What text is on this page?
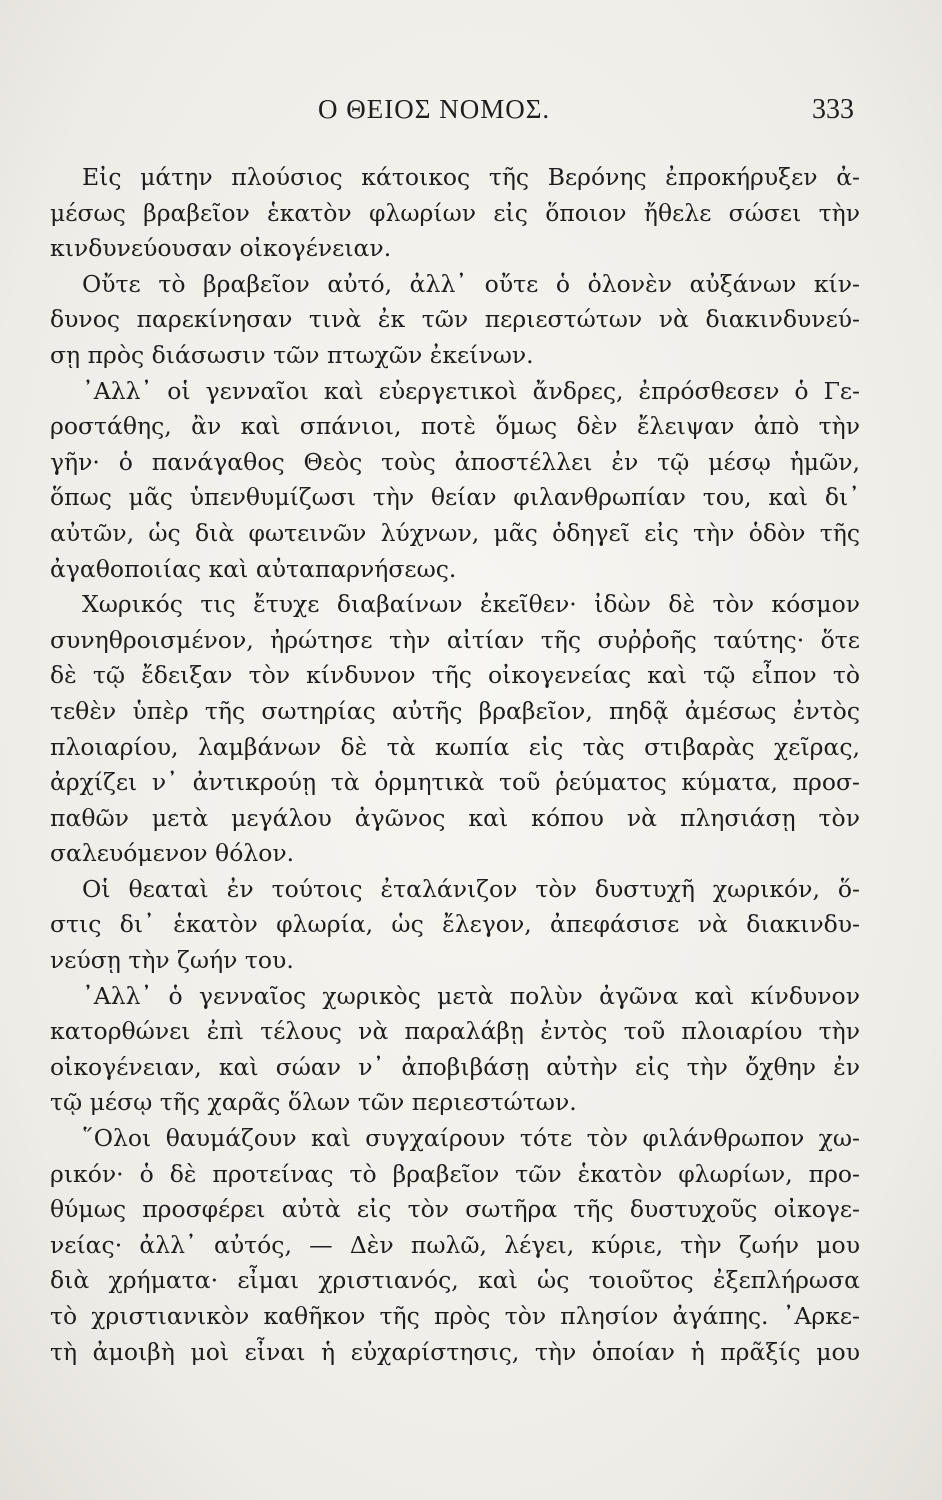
Ο ΘΕΙΟΣ ΝΟΜΟΣ.	333
Εἰς μάτην πλούσιος κάτοικος τῆς Βερόνης ἐπροκήρυξεν ἀ-
μέσως βραβεῖον ἑκατὸν φλωρίων εἰς ὅποιον ἤθελε σώσει τὴν
κινδυνεύουσαν οἰκογένειαν.
Οὔτε τὸ βραβεῖον αὐτό, ἀλλ᾽ οὔτε ὁ ὁλονὲν αὐξάνων κίν-
δυνος παρεκίνησαν τινὰ ἐκ τῶν περιεστώτων νὰ διακινδυνεύ-
σῃ πρὸς διάσωσιν τῶν πτωχῶν ἐκείνων.
᾽Αλλ᾽ οἱ γενναῖοι καὶ εὐεργετικοὶ ἄνδρες, ἐπρόσθεσεν ὁ Γε-
ροστάθης, ἂν καὶ σπάνιοι, ποτὲ ὅμως δὲν ἔλειψαν ἀπὸ τὴν
γῆν· ὁ πανάγαθος Θεὸς τοὺς ἀποστέλλει ἐν τῷ μέσῳ ἡμῶν,
ὅπως μᾶς ὑπενθυμίζωσι τὴν θείαν φιλανθρωπίαν του, καὶ δι᾽
αὐτῶν, ὡς διὰ φωτεινῶν λύχνων, μᾶς ὁδηγεῖ εἰς τὴν ὁδὸν τῆς
ἀγαθοποιίας καὶ αὐταπαρνήσεως.
Χωρικός τις ἔτυχε διαβαίνων ἐκεῖθεν· ἰδὼν δὲ τὸν κόσμον
συνηθροισμένον, ἠρώτησε τὴν αἰτίαν τῆς συῤῥοῆς ταύτης· ὅτε
δὲ τῷ ἔδειξαν τὸν κίνδυνον τῆς οἰκογενείας καὶ τῷ εἶπον τὸ
τεθὲν ὑπὲρ τῆς σωτηρίας αὐτῆς βραβεῖον, πηδᾷ ἀμέσως ἐντὸς
πλοιαρίου, λαμβάνων δὲ τὰ κωπία εἰς τὰς στιβαρὰς χεῖρας,
ἀρχίζει ν᾽ ἀντικρούῃ τὰ ὁρμητικὰ τοῦ ῥεύματος κύματα, προσ-
παθῶν μετὰ μεγάλου ἀγῶνος καὶ κόπου νὰ πλησιάσῃ τὸν
σαλευόμενον θόλον.
Οἱ θεαταὶ ἐν τούτοις ἐταλάνιζον τὸν δυστυχῆ χωρικόν, ὅ-
στις δι᾽ ἑκατὸν φλωρία, ὡς ἔλεγον, ἀπεφάσισε νὰ διακινδυ-
νεύσῃ τὴν ζωήν του.
᾽Αλλ᾽ ὁ γενναῖος χωρικὸς μετὰ πολὺν ἀγῶνα καὶ κίνδυνον
κατορθώνει ἐπὶ τέλους νὰ παραλάβῃ ἐντὸς τοῦ πλοιαρίου τὴν
οἰκογένειαν, καὶ σώαν ν᾽ ἀποβιβάσῃ αὐτὴν εἰς τὴν ὄχθην ἐν
τῷ μέσῳ τῆς χαρᾶς ὅλων τῶν περιεστώτων.
῞Ολοι θαυμάζουν καὶ συγχαίρουν τότε τὸν φιλάνθρωπον χω-
ρικόν· ὁ δὲ προτείνας τὸ βραβεῖον τῶν ἑκατὸν φλωρίων, προ-
θύμως προσφέρει αὐτὰ εἰς τὸν σωτῆρα τῆς δυστυχοῦς οἰκογε-
νείας· ἀλλ᾽ αὐτός, — Δὲν πωλῶ, λέγει, κύριε, τὴν ζωήν μου
διὰ χρήματα· εἶμαι χριστιανός, καὶ ὡς τοιοῦτος ἐξεπλήρωσα
τὸ χριστιανικὸν καθῆκον τῆς πρὸς τὸν πλησίον ἀγάπης. ᾽Αρκε-
τὴ ἀμοιβὴ μοὶ εἶναι ἡ εὐχαρίστησις, τὴν ὁποίαν ἡ πρᾶξίς μου
